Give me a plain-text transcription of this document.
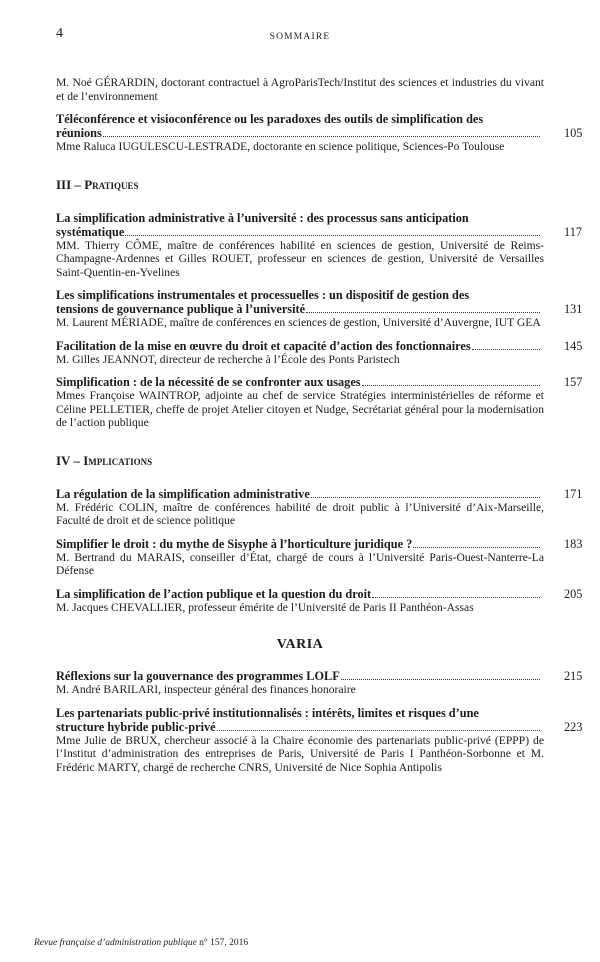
4	SOMMAIRE
M. Noé GÉRARDIN, doctorant contractuel à AgroParisTech/Institut des sciences et industries du vivant et de l’environnement
Téléconférence et visioconférence ou les paradoxes des outils de simplification des
réunions	105
Mme Raluca IUGULESCU-LESTRADE, doctorante en science politique, Sciences-Po Toulouse
III – Pratiques
La simplification administrative à l’université : des processus sans anticipation
systématique	117
MM. Thierry CÔME, maître de conférences habilité en sciences de gestion, Université de Reims-Champagne-Ardennes et Gilles ROUET, professeur en sciences de gestion, Université de Versailles Saint-Quentin-en-Yvelines
Les simplifications instrumentales et processuelles : un dispositif de gestion des
tensions de gouvernance publique à l’université	131
M. Laurent MÉRIADE, maître de conférences en sciences de gestion, Université d’Auvergne, IUT GEA
Facilitation de la mise en œuvre du droit et capacité d’action des fonctionnaires	145
M. Gilles JEANNOT, directeur de recherche à l’École des Ponts Paristech
Simplification : de la nécessité de se confronter aux usages	157
Mmes Françoise WAINTROP, adjointe au chef de service Stratégies interministérielles de réforme et Céline PELLETIER, cheffe de projet Atelier citoyen et Nudge, Secrétariat général pour la modernisation de l’action publique
IV – Implications
La régulation de la simplification administrative	171
M. Frédéric COLIN, maître de conférences habilité de droit public à l’Université d’Aix-Marseille, Faculté de droit et de science politique
Simplifier le droit : du mythe de Sisyphe à l’horticulture juridique ?	183
M. Bertrand du MARAIS, conseiller d’État, chargé de cours à l’Université Paris-Ouest-Nanterre-La Défense
La simplification de l’action publique et la question du droit	205
M. Jacques CHEVALLIER, professeur émérite de l’Université de Paris II Panthéon-Assas
VARIA
Réflexions sur la gouvernance des programmes LOLF	215
M. André BARILARI, inspecteur général des finances honoraire
Les partenariats public-privé institutionnalisés : intérêts, limites et risques d’une
structure hybride public-privé	223
Mme Julie de BRUX, chercheur associé à la Chaire économie des partenariats public-privé (EPPP) de l’Institut d’administration des entreprises de Paris, Université de Paris I Panthéon-Sorbonne et M. Frédéric MARTY, chargé de recherche CNRS, Université de Nice Sophia Antipolis
Revue française d’administration publique n° 157, 2016
